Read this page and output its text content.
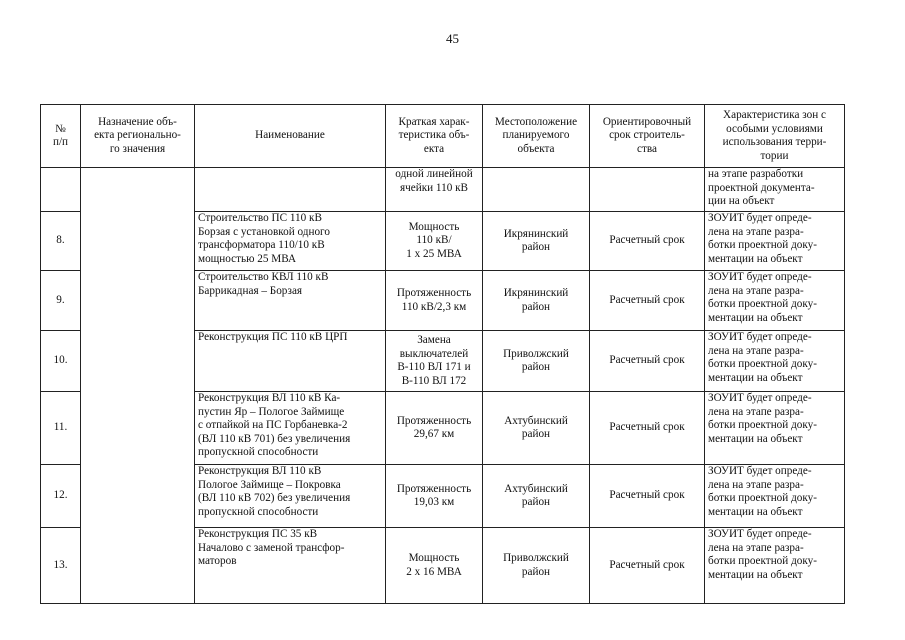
45
№
п/п	Назначение объ-
екта регионально-
го значения	Наименование	Краткая харак-
теристика объ-
екта	Местоположение
планируемого
объекта	Ориентировочный
срок строитель-
ства	Характеристика зон с
особыми условиями
использования терри-
тории
			одной линейной
ячейки 110 кВ			на этапе разработки
проектной документа-
ции на объект
8.		Строительство ПС 110 кВ
Борзая с установкой одного
трансформатора 110/10 кВ
мощностью 25 МВА	Мощность
110 кВ/
1 х 25 МВА	Икрянинский
район	Расчетный срок	ЗОУИТ будет опреде-
лена на этапе разра-
ботки проектной доку-
ментации на объект
9.		Строительство КВЛ 110 кВ
Баррикадная – Борзая	Протяженность
110 кВ/2,3 км	Икрянинский
район	Расчетный срок	ЗОУИТ будет опреде-
лена на этапе разра-
ботки проектной доку-
ментации на объект
10.		Реконструкция ПС 110 кВ ЦРП	Замена
выключателей
В-110 ВЛ 171 и
В-110 ВЛ 172	Приволжский
район	Расчетный срок	ЗОУИТ будет опреде-
лена на этапе разра-
ботки проектной доку-
ментации на объект
11.		Реконструкция ВЛ 110 кВ Ка-
пустин Яр – Пологое Займище
с отпайкой на ПС Горбаневка-2
(ВЛ 110 кВ 701) без увеличения
пропускной способности	Протяженность
29,67 км	Ахтубинский
район	Расчетный срок	ЗОУИТ будет опреде-
лена на этапе разра-
ботки проектной доку-
ментации на объект
12.		Реконструкция ВЛ 110 кВ
Пологое Займище – Покровка
(ВЛ 110 кВ 702) без увеличения
пропускной способности	Протяженность
19,03 км	Ахтубинский
район	Расчетный срок	ЗОУИТ будет опреде-
лена на этапе разра-
ботки проектной доку-
ментации на объект
13.		Реконструкция ПС 35 кВ
Началово с заменой трансфор-
маторов	Мощность
2 х 16 МВА	Приволжский
район	Расчетный срок	ЗОУИТ будет опреде-
лена на этапе разра-
ботки проектной доку-
ментации на объект
